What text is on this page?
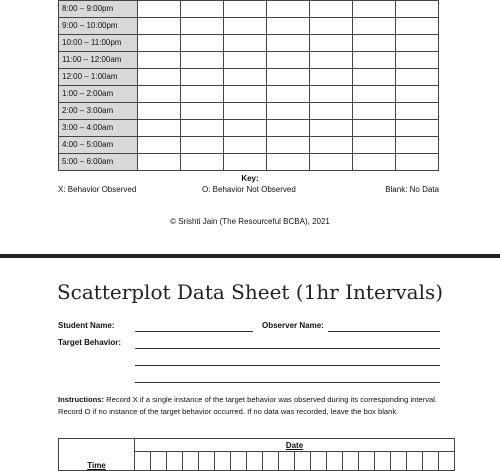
8:00 – 9:00pm							
9:00 – 10:00pm							
10:00 – 11:00pm							
11:00 – 12:00am							
12:00 – 1:00am							
1:00 – 2:00am							
2:00 – 3:00am							
3:00 – 4:00am							
4:00 – 5:00am							
5:00 – 6:00am							
Key:
X: Behavior Observed	O: Behavior Not Observed	Blank: No Data
© Srishti Jain (The Resourceful BCBA), 2021
Scatterplot Data Sheet (1hr Intervals)
Student Name:	Observer Name:
Target Behavior:
Instructions: Record X if a single instance of the target behavior was observed during its corresponding interval. Record O if no instance of the target behavior occurred. If no data was recorded, leave the box blank.
Time	Date																			
